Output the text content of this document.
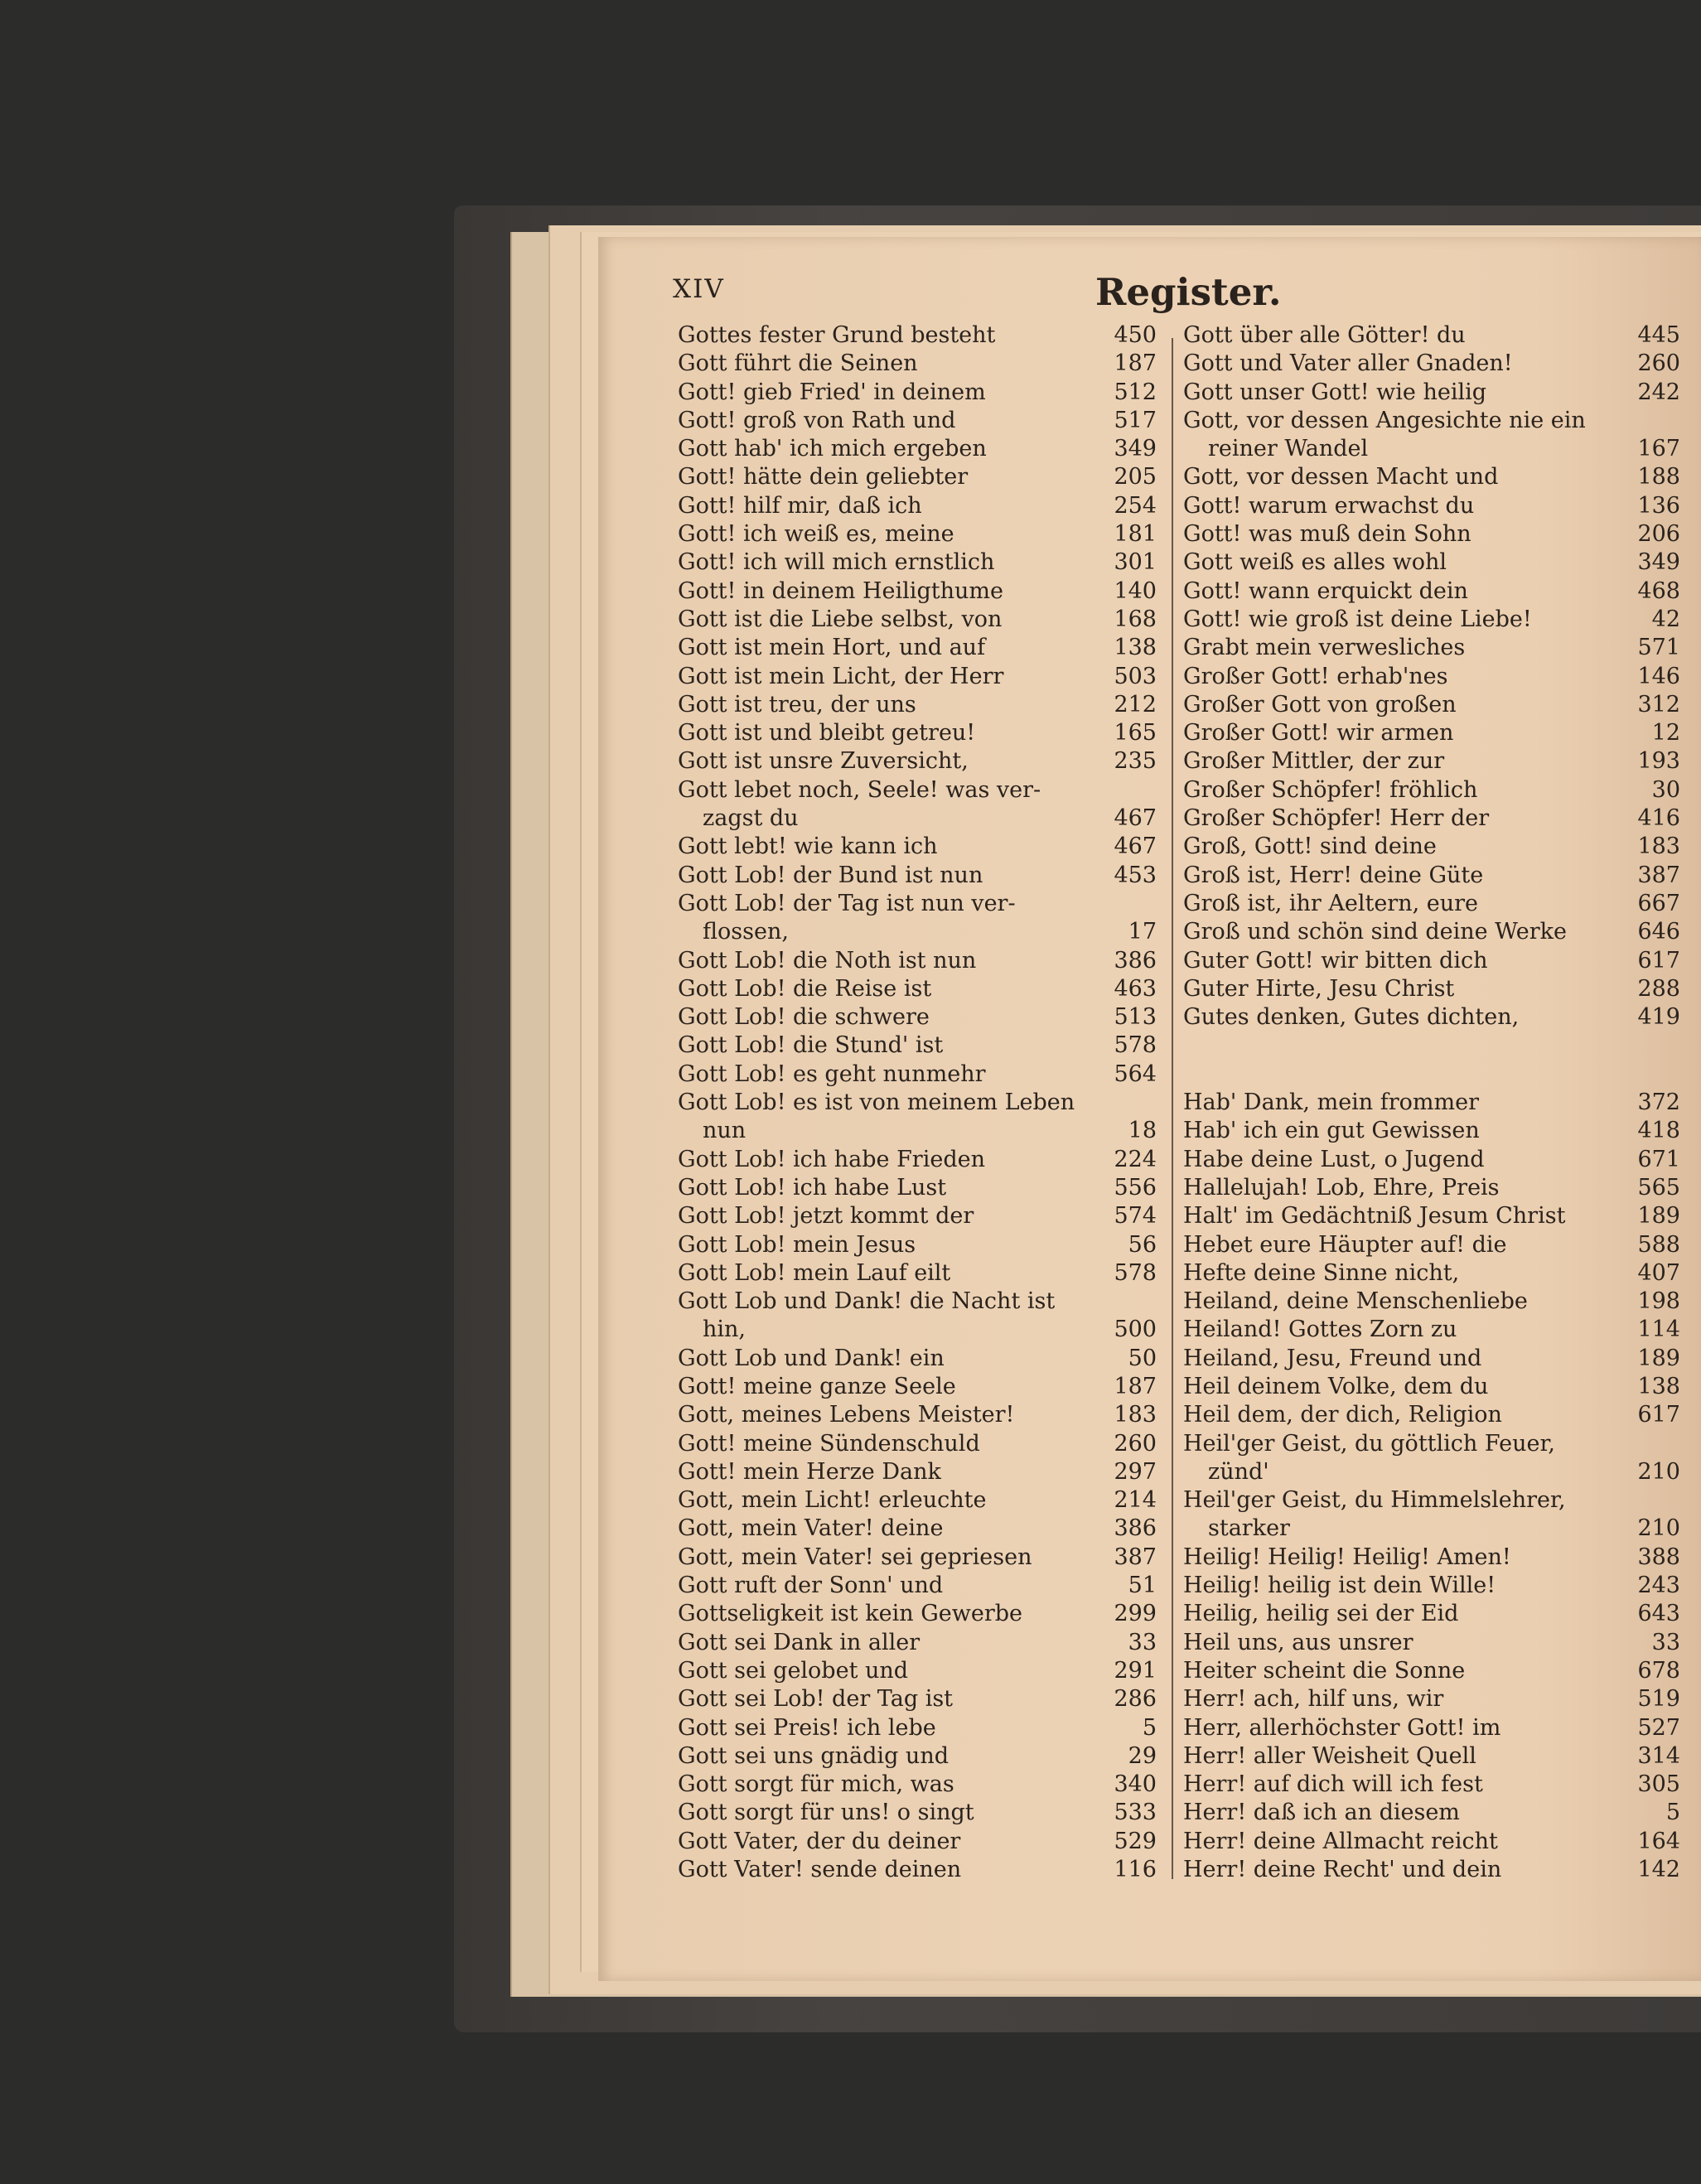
XIV	Register.
Gottes fester Grund besteht	450
Gott führt die Seinen	187
Gott! gieb Fried' in deinem	512
Gott! groß von Rath und	517
Gott hab' ich mich ergeben	349
Gott! hätte dein geliebter	205
Gott! hilf mir, daß ich	254
Gott! ich weiß es, meine	181
Gott! ich will mich ernstlich	301
Gott! in deinem Heiligthume	140
Gott ist die Liebe selbst, von	168
Gott ist mein Hort, und auf	138
Gott ist mein Licht, der Herr	503
Gott ist treu, der uns	212
Gott ist und bleibt getreu!	165
Gott ist unsre Zuversicht,	235
Gott lebet noch, Seele! was ver-
zagst du	467
Gott lebt! wie kann ich	467
Gott Lob! der Bund ist nun	453
Gott Lob! der Tag ist nun ver-
flossen,	17
Gott Lob! die Noth ist nun	386
Gott Lob! die Reise ist	463
Gott Lob! die schwere	513
Gott Lob! die Stund' ist	578
Gott Lob! es geht nunmehr	564
Gott Lob! es ist von meinem Leben
nun	18
Gott Lob! ich habe Frieden	224
Gott Lob! ich habe Lust	556
Gott Lob! jetzt kommt der	574
Gott Lob! mein Jesus	56
Gott Lob! mein Lauf eilt	578
Gott Lob und Dank! die Nacht ist
hin,	500
Gott Lob und Dank! ein	50
Gott! meine ganze Seele	187
Gott, meines Lebens Meister!	183
Gott! meine Sündenschuld	260
Gott! mein Herze Dank	297
Gott, mein Licht! erleuchte	214
Gott, mein Vater! deine	386
Gott, mein Vater! sei gepriesen	387
Gott ruft der Sonn' und	51
Gottseligkeit ist kein Gewerbe	299
Gott sei Dank in aller	33
Gott sei gelobet und	291
Gott sei Lob! der Tag ist	286
Gott sei Preis! ich lebe	5
Gott sei uns gnädig und	29
Gott sorgt für mich, was	340
Gott sorgt für uns! o singt	533
Gott Vater, der du deiner	529
Gott Vater! sende deinen	116
Gott über alle Götter! du	445
Gott und Vater aller Gnaden!	260
Gott unser Gott! wie heilig	242
Gott, vor dessen Angesichte nie ein
reiner Wandel	167
Gott, vor dessen Macht und	188
Gott! warum erwachst du	136
Gott! was muß dein Sohn	206
Gott weiß es alles wohl	349
Gott! wann erquickt dein	468
Gott! wie groß ist deine Liebe!	42
Grabt mein verwesliches	571
Großer Gott! erhab'nes	146
Großer Gott von großen	312
Großer Gott! wir armen	12
Großer Mittler, der zur	193
Großer Schöpfer! fröhlich	30
Großer Schöpfer! Herr der	416
Groß, Gott! sind deine	183
Groß ist, Herr! deine Güte	387
Groß ist, ihr Aeltern, eure	667
Groß und schön sind deine Werke	646
Guter Gott! wir bitten dich	617
Guter Hirte, Jesu Christ	288
Gutes denken, Gutes dichten,	419
Hab' Dank, mein frommer	372
Hab' ich ein gut Gewissen	418
Habe deine Lust, o Jugend	671
Hallelujah! Lob, Ehre, Preis	565
Halt' im Gedächtniß Jesum Christ	189
Hebet eure Häupter auf! die	588
Hefte deine Sinne nicht,	407
Heiland, deine Menschenliebe	198
Heiland! Gottes Zorn zu	114
Heiland, Jesu, Freund und	189
Heil deinem Volke, dem du	138
Heil dem, der dich, Religion	617
Heil'ger Geist, du göttlich Feuer,
zünd'	210
Heil'ger Geist, du Himmelslehrer,
starker	210
Heilig! Heilig! Heilig! Amen!	388
Heilig! heilig ist dein Wille!	243
Heilig, heilig sei der Eid	643
Heil uns, aus unsrer	33
Heiter scheint die Sonne	678
Herr! ach, hilf uns, wir	519
Herr, allerhöchster Gott! im	527
Herr! aller Weisheit Quell	314
Herr! auf dich will ich fest	305
Herr! daß ich an diesem	5
Herr! deine Allmacht reicht	164
Herr! deine Recht' und dein	142
